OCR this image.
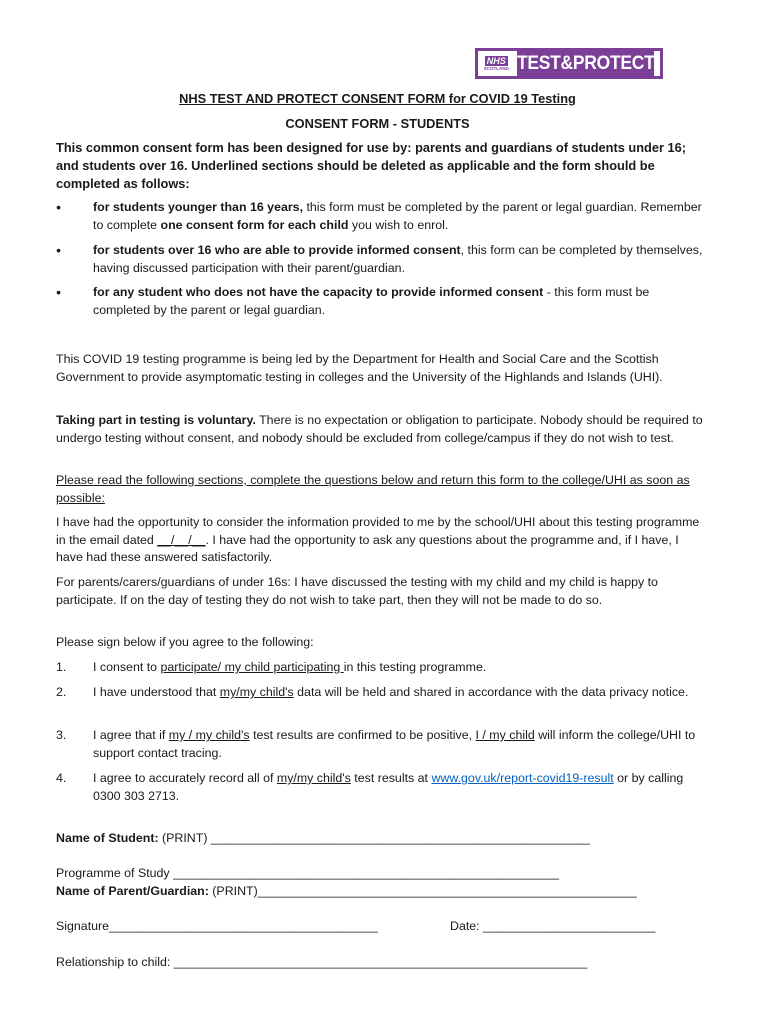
NHS
SCOTLAND TEST&PROTECT
NHS TEST AND PROTECT CONSENT FORM for COVID 19 Testing
CONSENT FORM - STUDENTS
This common consent form has been designed for use by: parents and guardians of students under 16; and students over 16. Underlined sections should be deleted as applicable and the form should be completed as follows:
•	for students younger than 16 years, this form must be completed by the parent or legal guardian. Remember to complete one consent form for each child you wish to enrol.
•	for students over 16 who are able to provide informed consent, this form can be completed by themselves, having discussed participation with their parent/guardian.
•	for any student who does not have the capacity to provide informed consent - this form must be completed by the parent or legal guardian.
This COVID 19 testing programme is being led by the Department for Health and Social Care and the Scottish Government to provide asymptomatic testing in colleges and the University of the Highlands and Islands (UHI).
Taking part in testing is voluntary. There is no expectation or obligation to participate. Nobody should be required to undergo testing without consent, and nobody should be excluded from college/campus if they do not wish to test.
Please read the following sections, complete the questions below and return this form to the college/UHI as soon as possible:
I have had the opportunity to consider the information provided to me by the school/UHI about this testing programme in the email dated __/__/__. I have had the opportunity to ask any questions about the programme and, if I have, I have had these answered satisfactorily.
For parents/carers/guardians of under 16s: I have discussed the testing with my child and my child is happy to participate. If on the day of testing they do not wish to take part, then they will not be made to do so.
Please sign below if you agree to the following:
1.	I consent to participate/ my child participating in this testing programme.
2.	I have understood that my/my child's data will be held and shared in accordance with the data privacy notice.
3.	I agree that if my / my child's test results are confirmed to be positive, I / my child will inform the college/UHI to support contact tracing.
4.	I agree to accurately record all of my/my child's test results at www.gov.uk/report-covid19-result or by calling 0300 303 2713.
Name of Student: (PRINT) _______________________________________________________
Programme of Study ________________________________________________________
Name of Parent/Guardian: (PRINT)_______________________________________________________
Signature_______________________________________	Date: _________________________
Relationship to child: ____________________________________________________________
